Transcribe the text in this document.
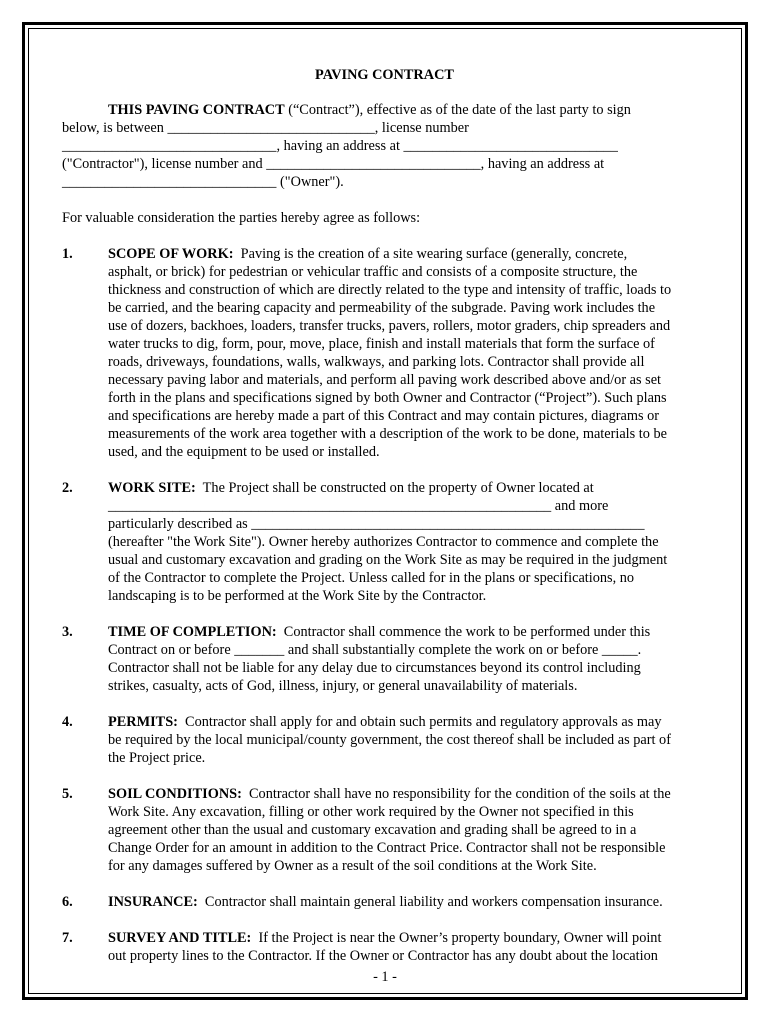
PAVING CONTRACT

THIS PAVING CONTRACT (“Contract”), effective as of the date of the last party to sign

below, is between _____________________________, license number

______________________________, having an address at ______________________________

("Contractor"), license number and ______________________________, having an address at

______________________________ ("Owner").

For valuable consideration the parties hereby agree as follows:

1. SCOPE OF WORK:  Paving is the creation of a site wearing surface (generally, concrete,

asphalt, or brick) for pedestrian or vehicular traffic and consists of a composite structure, the

thickness and construction of which are directly related to the type and intensity of traffic, loads to

be carried, and the bearing capacity and permeability of the subgrade. Paving work includes the

use of dozers, backhoes, loaders, transfer trucks, pavers, rollers, motor graders, chip spreaders and

water trucks to dig, form, pour, move, place, finish and install materials that form the surface of

roads, driveways, foundations, walls, walkways, and parking lots. Contractor shall provide all

necessary paving labor and materials, and perform all paving work described above and/or as set

forth in the plans and specifications signed by both Owner and Contractor (“Project”). Such plans

and specifications are hereby made a part of this Contract and may contain pictures, diagrams or

measurements of the work area together with a description of the work to be done, materials to be

used, and the equipment to be used or installed.

2. WORK SITE:  The Project shall be constructed on the property of Owner located at

______________________________________________________________ and more

particularly described as _______________________________________________________

(hereafter "the Work Site"). Owner hereby authorizes Contractor to commence and complete the

usual and customary excavation and grading on the Work Site as may be required in the judgment

of the Contractor to complete the Project. Unless called for in the plans or specifications, no

landscaping is to be performed at the Work Site by the Contractor.

3. TIME OF COMPLETION:  Contractor shall commence the work to be performed under this

Contract on or before _______ and shall substantially complete the work on or before _____.

Contractor shall not be liable for any delay due to circumstances beyond its control including

strikes, casualty, acts of God, illness, injury, or general unavailability of materials.

4. PERMITS:  Contractor shall apply for and obtain such permits and regulatory approvals as may

be required by the local municipal/county government, the cost thereof shall be included as part of

the Project price.

5. SOIL CONDITIONS:  Contractor shall have no responsibility for the condition of the soils at the

Work Site. Any excavation, filling or other work required by the Owner not specified in this

agreement other than the usual and customary excavation and grading shall be agreed to in a

Change Order for an amount in addition to the Contract Price. Contractor shall not be responsible

for any damages suffered by Owner as a result of the soil conditions at the Work Site.

6. INSURANCE:  Contractor shall maintain general liability and workers compensation insurance.

7. SURVEY AND TITLE:  If the Project is near the Owner’s property boundary, Owner will point

out property lines to the Contractor. If the Owner or Contractor has any doubt about the location

- 1 -
